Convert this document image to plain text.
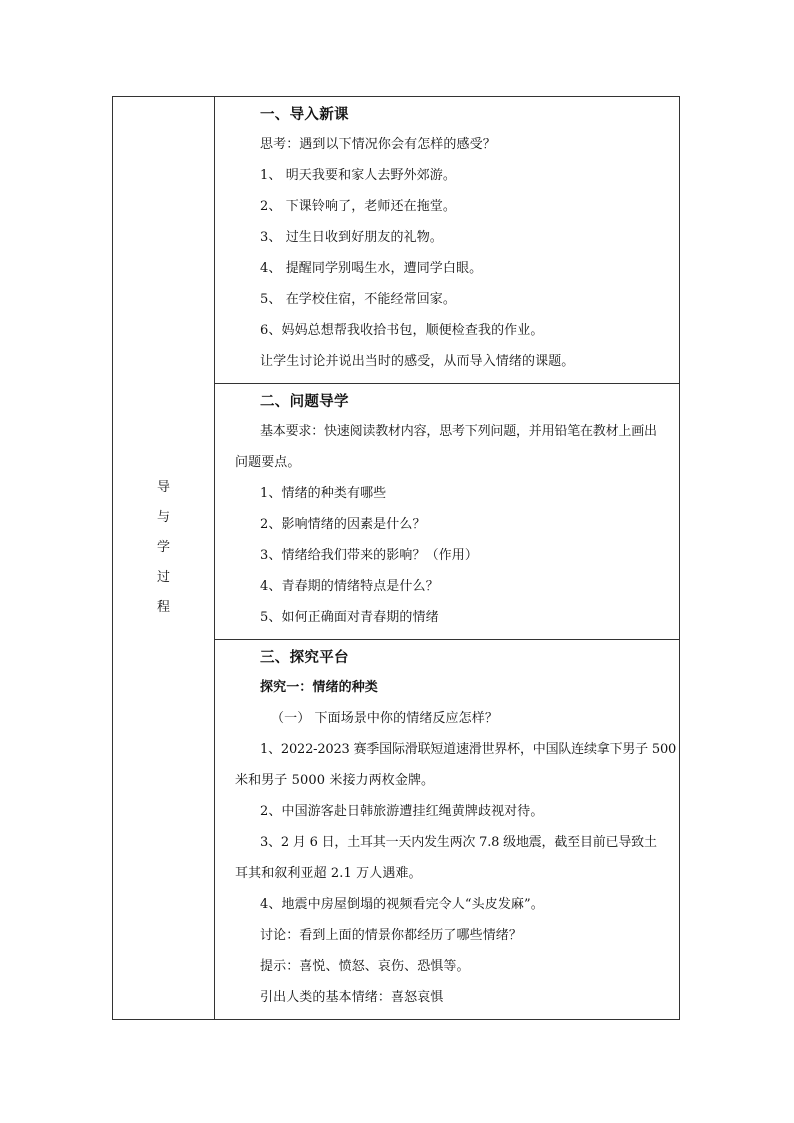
导
与
学
过
程

一、导入新课

思考：遇到以下情况你会有怎样的感受？

1、 明天我要和家人去野外郊游。

2、 下课铃响了，老师还在拖堂。

3、 过生日收到好朋友的礼物。

4、 提醒同学别喝生水，遭同学白眼。

5、 在学校住宿，不能经常回家。

6、妈妈总想帮我收拾书包，顺便检查我的作业。

让学生讨论并说出当时的感受，从而导入情绪的课题。

二、问题导学

基本要求：快速阅读教材内容，思考下列问题，并用铅笔在教材上画出

问题要点。

1、情绪的种类有哪些

2、影响情绪的因素是什么？

3、情绪给我们带来的影响？（作用）

4、青春期的情绪特点是什么？

5、如何正确面对青春期的情绪

三、探究平台

探究一：情绪的种类

（一） 下面场景中你的情绪反应怎样？

1、2022-2023 赛季国际滑联短道速滑世界杯，中国队连续拿下男子 500

米和男子 5000 米接力两枚金牌。

2、中国游客赴日韩旅游遭挂红绳黄牌歧视对待。

3、2 月 6 日，土耳其一天内发生两次 7.8 级地震，截至目前已导致土

耳其和叙利亚超 2.1 万人遇难。

4、地震中房屋倒塌的视频看完令人“头皮发麻”。

讨论：看到上面的情景你都经历了哪些情绪？

提示：喜悦、愤怒、哀伤、恐惧等。

引出人类的基本情绪：喜怒哀惧
